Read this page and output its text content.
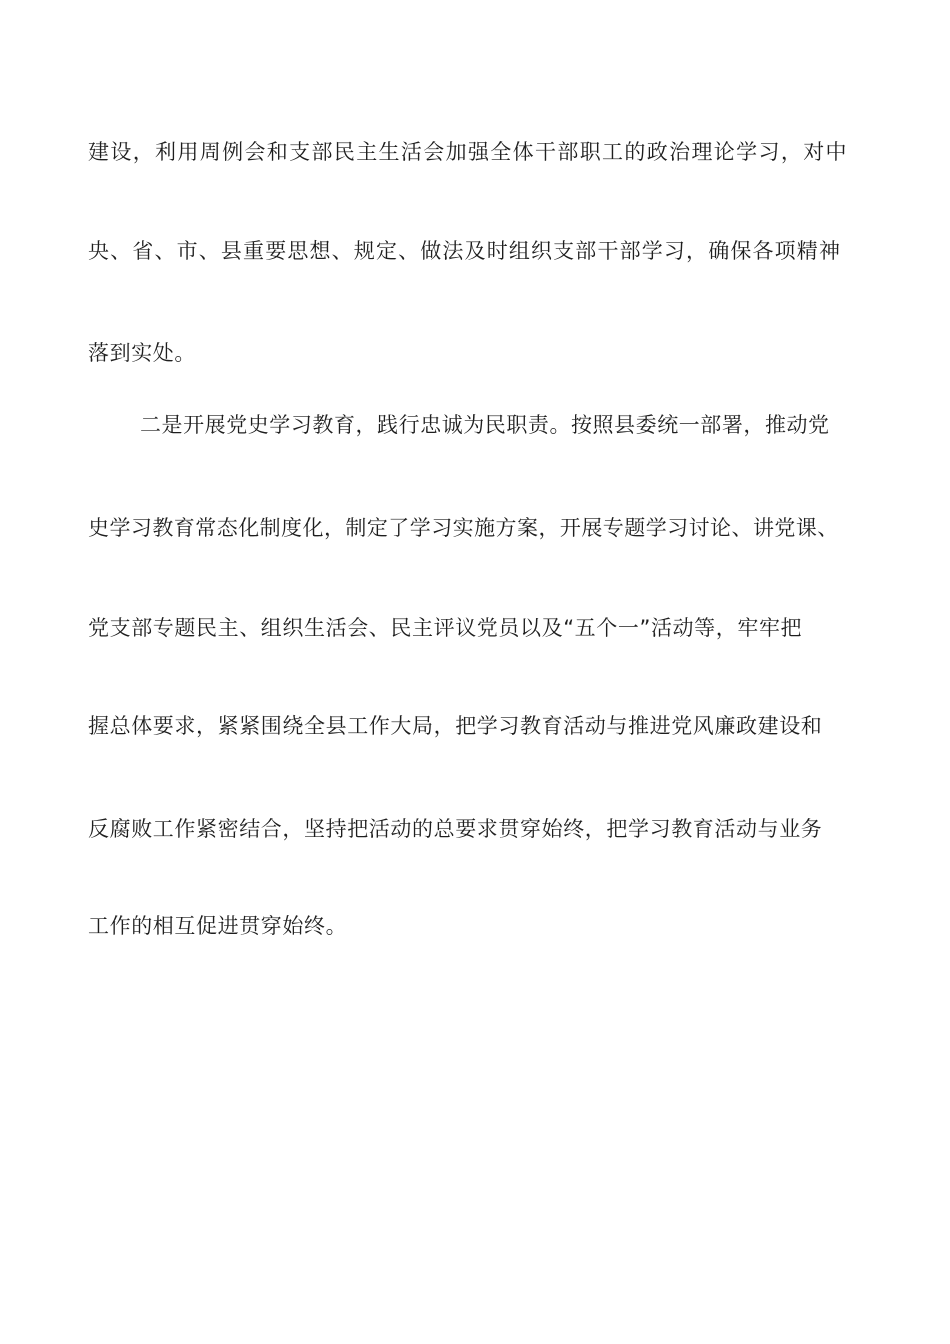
建设，利用周例会和支部民主生活会加强全体干部职工的政治理论学习，对中
央、省、市、县重要思想、规定、做法及时组织支部干部学习，确保各项精神
落到实处。
二是开展党史学习教育，践行忠诚为民职责。按照县委统一部署，推动党
史学习教育常态化制度化，制定了学习实施方案，开展专题学习讨论、讲党课、
党支部专题民主、组织生活会、民主评议党员以及“五个一”活动等，牢牢把
握总体要求，紧紧围绕全县工作大局，把学习教育活动与推进党风廉政建设和
反腐败工作紧密结合，坚持把活动的总要求贯穿始终，把学习教育活动与业务
工作的相互促进贯穿始终。
